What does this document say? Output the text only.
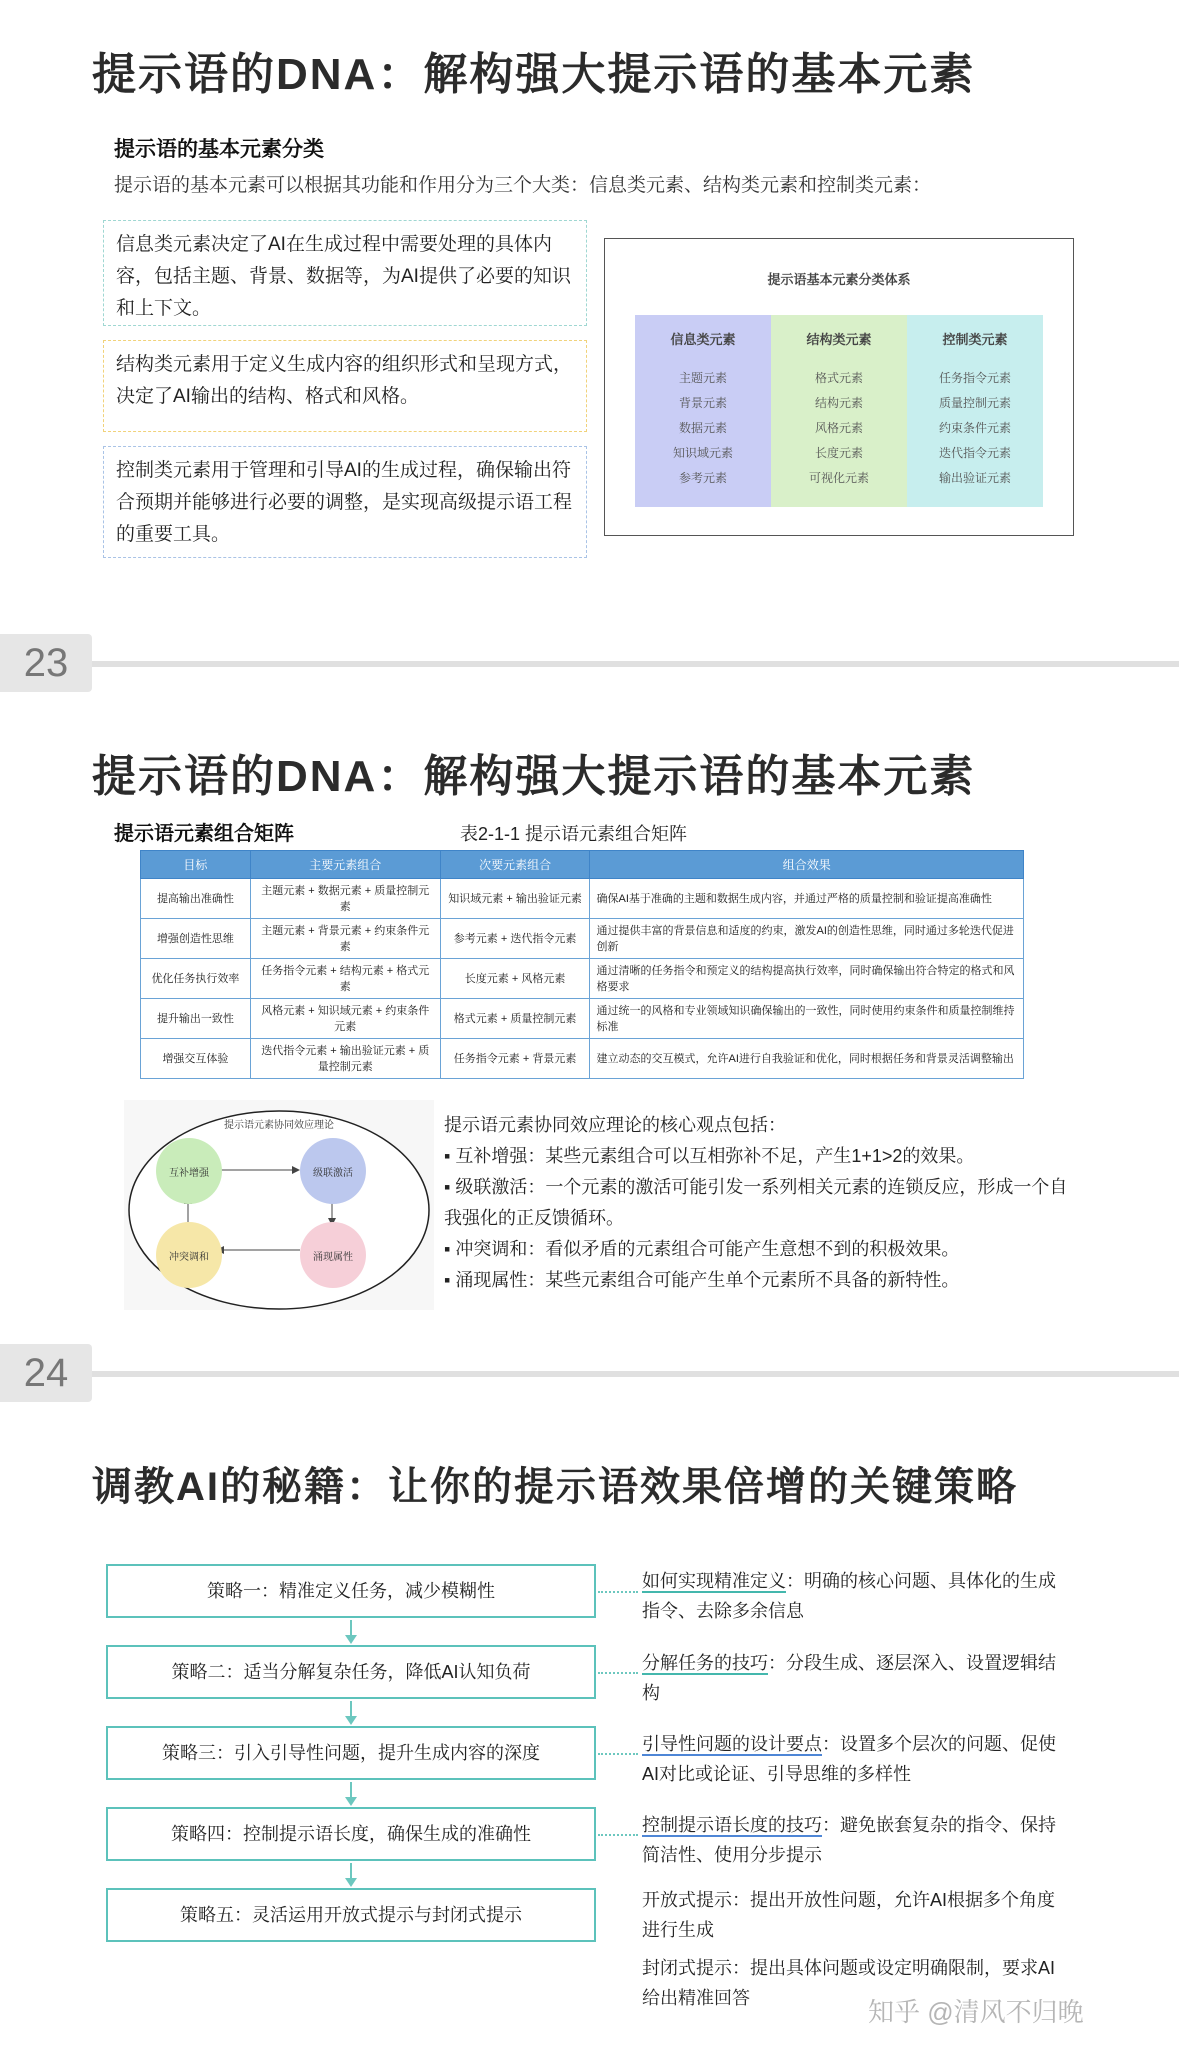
提示语的DNA：解构强大提示语的基本元素
提示语的基本元素分类
提示语的基本元素可以根据其功能和作用分为三个大类：信息类元素、结构类元素和控制类元素：
信息类元素决定了AI在生成过程中需要处理的具体内容，包括主题、背景、数据等，为AI提供了必要的知识和上下文。
结构类元素用于定义生成内容的组织形式和呈现方式，决定了AI输出的结构、格式和风格。
控制类元素用于管理和引导AI的生成过程，确保输出符合预期并能够进行必要的调整，是实现高级提示语工程的重要工具。
提示语基本元素分类体系
信息类元素
主题元素
背景元素
数据元素
知识域元素
参考元素
结构类元素
格式元素
结构元素
风格元素
长度元素
可视化元素
控制类元素
任务指令元素
质量控制元素
约束条件元素
迭代指令元素
输出验证元素
23
提示语的DNA：解构强大提示语的基本元素
提示语元素组合矩阵	表2-1-1 提示语元素组合矩阵
目标	主要元素组合	次要元素组合	组合效果
提高输出准确性	主题元素 + 数据元素 + 质量控制元素	知识域元素 + 输出验证元素	确保AI基于准确的主题和数据生成内容，并通过严格的质量控制和验证提高准确性
增强创造性思维	主题元素 + 背景元素 + 约束条件元素	参考元素 + 迭代指令元素	通过提供丰富的背景信息和适度的约束，激发AI的创造性思维，同时通过多轮迭代促进创新
优化任务执行效率	任务指令元素 + 结构元素 + 格式元素	长度元素 + 风格元素	通过清晰的任务指令和预定义的结构提高执行效率，同时确保输出符合特定的格式和风格要求
提升输出一致性	风格元素 + 知识域元素 + 约束条件元素	格式元素 + 质量控制元素	通过统一的风格和专业领域知识确保输出的一致性，同时使用约束条件和质量控制维持标准
增强交互体验	迭代指令元素 + 输出验证元素 + 质量控制元素	任务指令元素 + 背景元素	建立动态的交互模式，允许AI进行自我验证和优化，同时根据任务和背景灵活调整输出
提示语元素协同效应理论
互补增强	级联激活
涌现属性
冲突调和
提示语元素协同效应理论的核心观点包括：
▪ 互补增强：某些元素组合可以互相弥补不足，产生1+1>2的效果。
▪ 级联激活：一个元素的激活可能引发一系列相关元素的连锁反应，形成一个自我强化的正反馈循环。
▪ 冲突调和：看似矛盾的元素组合可能产生意想不到的积极效果。
▪ 涌现属性：某些元素组合可能产生单个元素所不具备的新特性。
24
调教AI的秘籍：让你的提示语效果倍增的关键策略
策略一：精准定义任务，减少模糊性
策略二：适当分解复杂任务，降低AI认知负荷
策略三：引入引导性问题，提升生成内容的深度
策略四：控制提示语长度，确保生成的准确性
策略五：灵活运用开放式提示与封闭式提示
如何实现精准定义：明确的核心问题、具体化的生成指令、去除多余信息
分解任务的技巧：分段生成、逐层深入、设置逻辑结构
引导性问题的设计要点：设置多个层次的问题、促使AI对比或论证、引导思维的多样性
控制提示语长度的技巧：避免嵌套复杂的指令、保持简洁性、使用分步提示
开放式提示：提出开放性问题，允许AI根据多个角度进行生成
封闭式提示：提出具体问题或设定明确限制，要求AI给出精准回答	知乎 @清风不归晚
